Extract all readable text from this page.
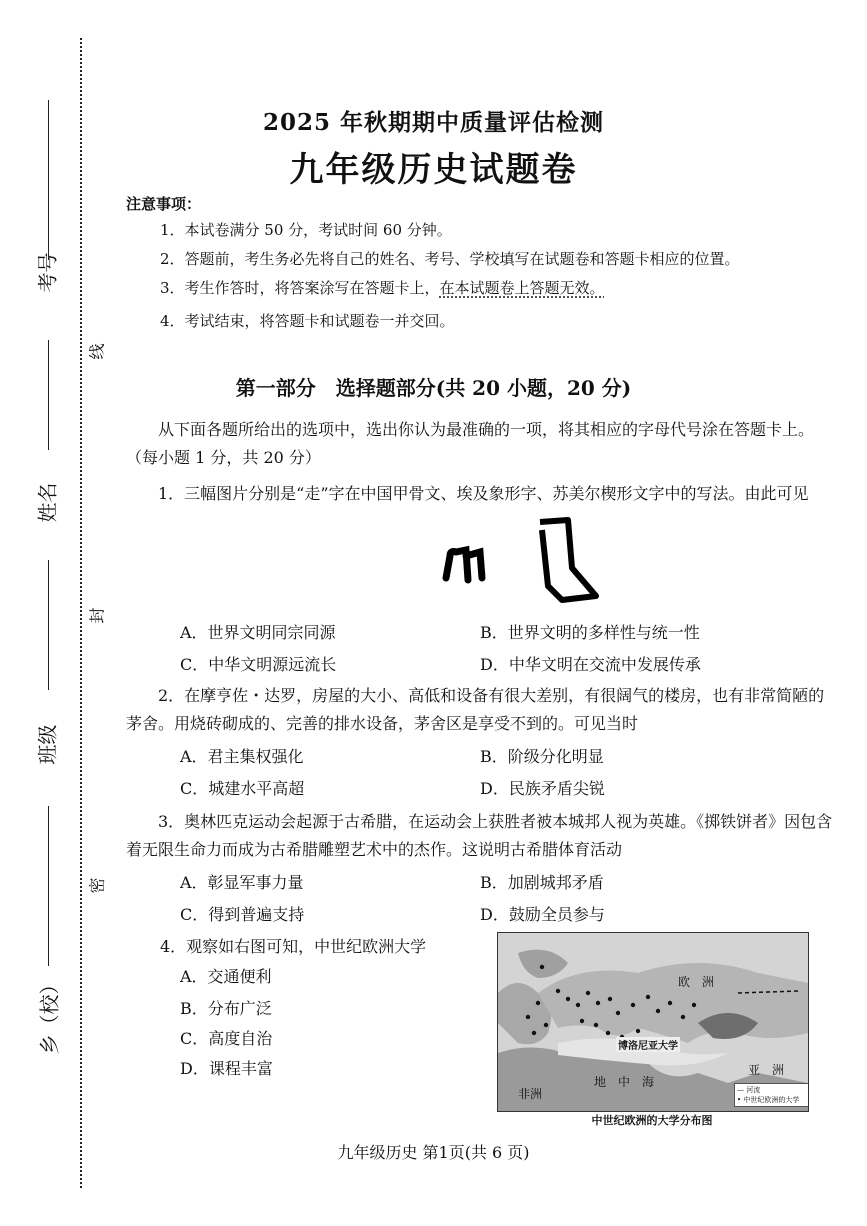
考号
姓名
班级
乡（校）
线
封
密
2025 年秋期期中质量评估检测
九年级历史试题卷
注意事项：
1．本试卷满分 50 分，考试时间 60 分钟。
2．答题前，考生务必先将自己的姓名、考号、学校填写在试题卷和答题卡相应的位置。
3．考生作答时，将答案涂写在答题卡上，在本试题卷上答题无效。
4．考试结束，将答题卡和试题卷一并交回。
第一部分　选择题部分(共 20 小题，20 分)
从下面各题所给出的选项中，选出你认为最准确的一项，将其相应的字母代号涂在答题卡上。（每小题 1 分，共 20 分）
1．三幅图片分别是“走”字在中国甲骨文、埃及象形字、苏美尔楔形文字中的写法。由此可见
A．世界文明同宗同源	B．世界文明的多样性与统一性
C．中华文明源远流长	D．中华文明在交流中发展传承
2．在摩亨佐・达罗，房屋的大小、高低和设备有很大差别，有很阔气的楼房，也有非常简陋的茅舍。用烧砖砌成的、完善的排水设备，茅舍区是享受不到的。可见当时
A．君主集权强化	B．阶级分化明显
C．城建水平高超	D．民族矛盾尖锐
3．奥林匹克运动会起源于古希腊，在运动会上获胜者被本城邦人视为英雄。《掷铁饼者》因包含着无限生命力而成为古希腊雕塑艺术中的杰作。这说明古希腊体育活动
A．彰显军事力量	B．加剧城邦矛盾
C．得到普遍支持	D．鼓励全员参与
4．观察如右图可知，中世纪欧洲大学
A．交通便利
B．分布广泛
C．高度自治
D．课程丰富
欧　洲
亚　洲
非洲
地　中　海
博洛尼亚大学
— 河流
• 中世纪欧洲的大学
中世纪欧洲的大学分布图
九年级历史 第1页(共 6 页)
